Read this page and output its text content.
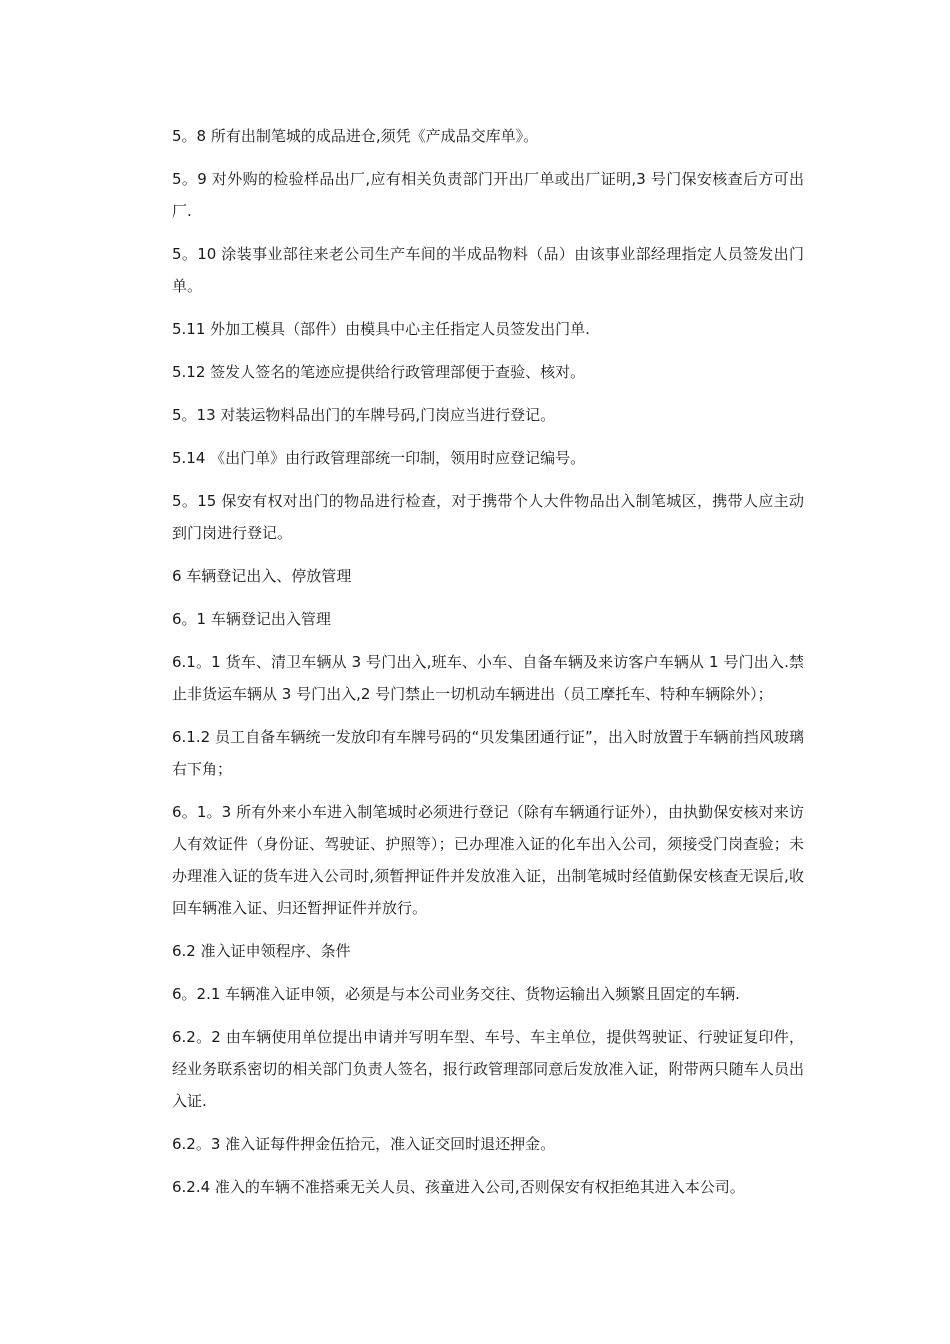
5。8 所有出制笔城的成品进仓,须凭《产成品交库单》。

5。9 对外购的检验样品出厂,应有相关负责部门开出厂单或出厂证明,3 号门保安核查后方可出厂.

5。10 涂装事业部往来老公司生产车间的半成品物料（品）由该事业部经理指定人员签发出门单。

5.11 外加工模具（部件）由模具中心主任指定人员签发出门单.

5.12 签发人签名的笔迹应提供给行政管理部便于查验、核对。

5。13 对装运物料品出门的车牌号码,门岗应当进行登记。

5.14 《出门单》由行政管理部统一印制，领用时应登记编号。

5。15 保安有权对出门的物品进行检查，对于携带个人大件物品出入制笔城区，携带人应主动到门岗进行登记。

6 车辆登记出入、停放管理

6。1 车辆登记出入管理

6.1。1 货车、清卫车辆从 3 号门出入,班车、小车、自备车辆及来访客户车辆从 1 号门出入.禁止非货运车辆从 3 号门出入,2 号门禁止一切机动车辆进出（员工摩托车、特种车辆除外）；

6.1.2 员工自备车辆统一发放印有车牌号码的“贝发集团通行证”，出入时放置于车辆前挡风玻璃右下角；

6。1。3 所有外来小车进入制笔城时必须进行登记（除有车辆通行证外），由执勤保安核对来访人有效证件（身份证、驾驶证、护照等）；已办理准入证的化车出入公司，须接受门岗查验；未办理准入证的货车进入公司时,须暂押证件并发放准入证，出制笔城时经值勤保安核查无误后,收回车辆准入证、归还暂押证件并放行。

6.2 准入证申领程序、条件

6。2.1 车辆准入证申领，必须是与本公司业务交往、货物运输出入频繁且固定的车辆.

6.2。2 由车辆使用单位提出申请并写明车型、车号、车主单位，提供驾驶证、行驶证复印件，经业务联系密切的相关部门负责人签名，报行政管理部同意后发放准入证，附带两只随车人员出入证.

6.2。3 准入证每件押金伍拾元，准入证交回时退还押金。

6.2.4 准入的车辆不准搭乘无关人员、孩童进入公司,否则保安有权拒绝其进入本公司。
